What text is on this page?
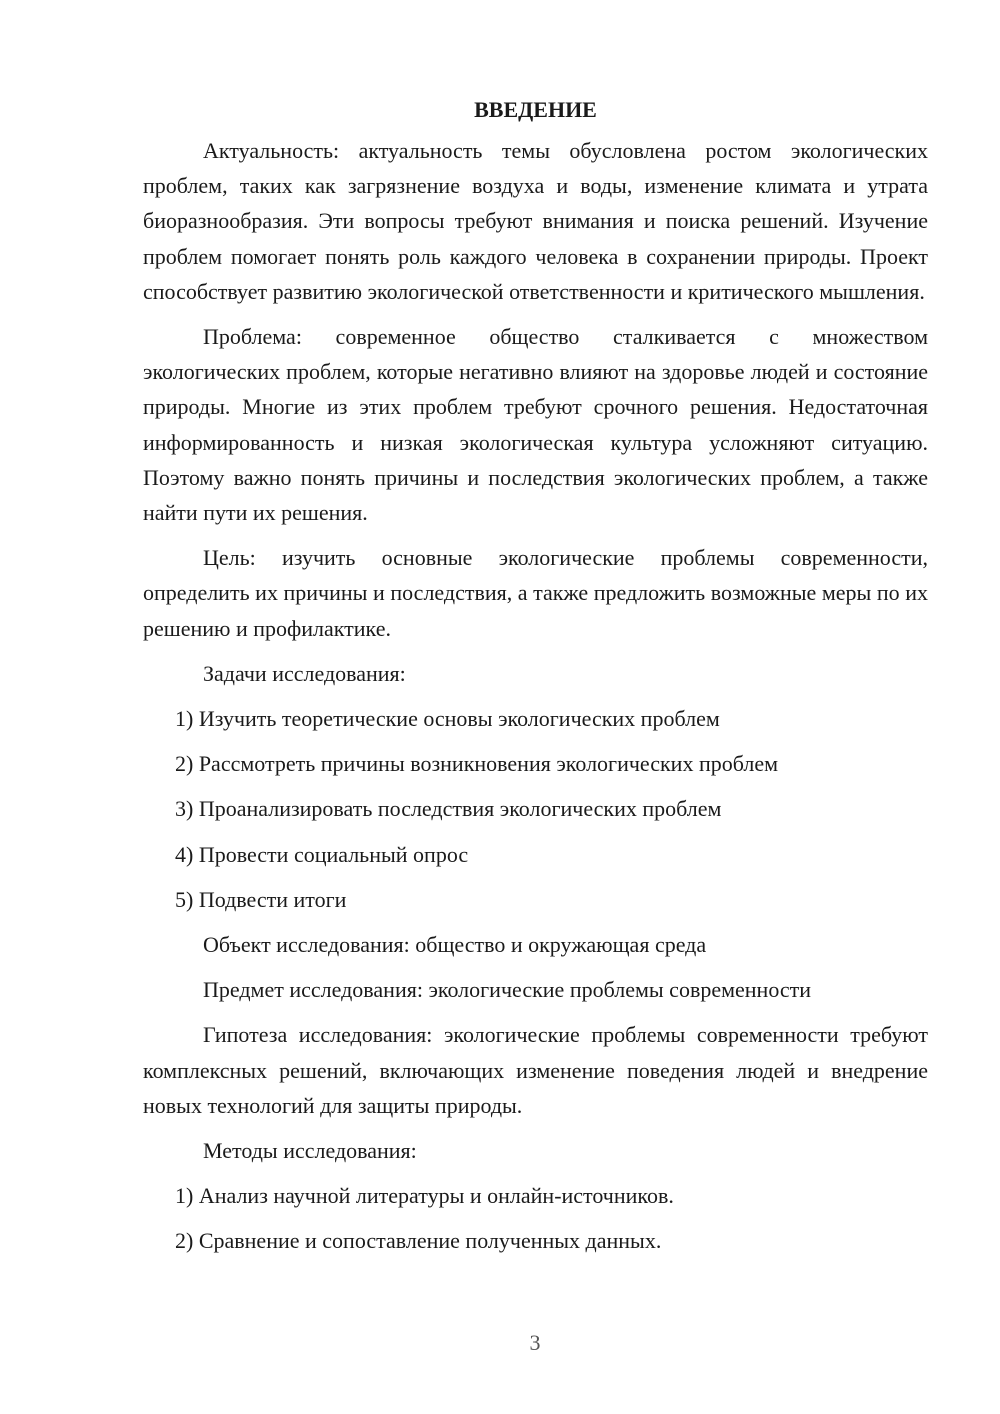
ВВЕДЕНИЕ

Актуальность: актуальность темы обусловлена ростом экологических проблем, таких как загрязнение воздуха и воды, изменение климата и утрата биоразнообразия. Эти вопросы требуют внимания и поиска решений. Изучение проблем помогает понять роль каждого человека в сохранении природы. Проект способствует развитию экологической ответственности и критического мышления.

Проблема: современное общество сталкивается с множеством экологических проблем, которые негативно влияют на здоровье людей и состояние природы. Многие из этих проблем требуют срочного решения. Недостаточная информированность и низкая экологическая культура усложняют ситуацию. Поэтому важно понять причины и последствия экологических проблем, а также найти пути их решения.

Цель: изучить основные экологические проблемы современности, определить их причины и последствия, а также предложить возможные меры по их решению и профилактике.

Задачи исследования:
1) Изучить теоретические основы экологических проблем
2) Рассмотреть причины возникновения экологических проблем
3) Проанализировать последствия экологических проблем
4) Провести социальный опрос
5) Подвести итоги
Объект исследования: общество и окружающая среда
Предмет исследования: экологические проблемы современности

Гипотеза исследования: экологические проблемы современности требуют комплексных решений, включающих изменение поведения людей и внедрение новых технологий для защиты природы.

Методы исследования:
1) Анализ научной литературы и онлайн-источников.
2) Сравнение и сопоставление полученных данных.
3
